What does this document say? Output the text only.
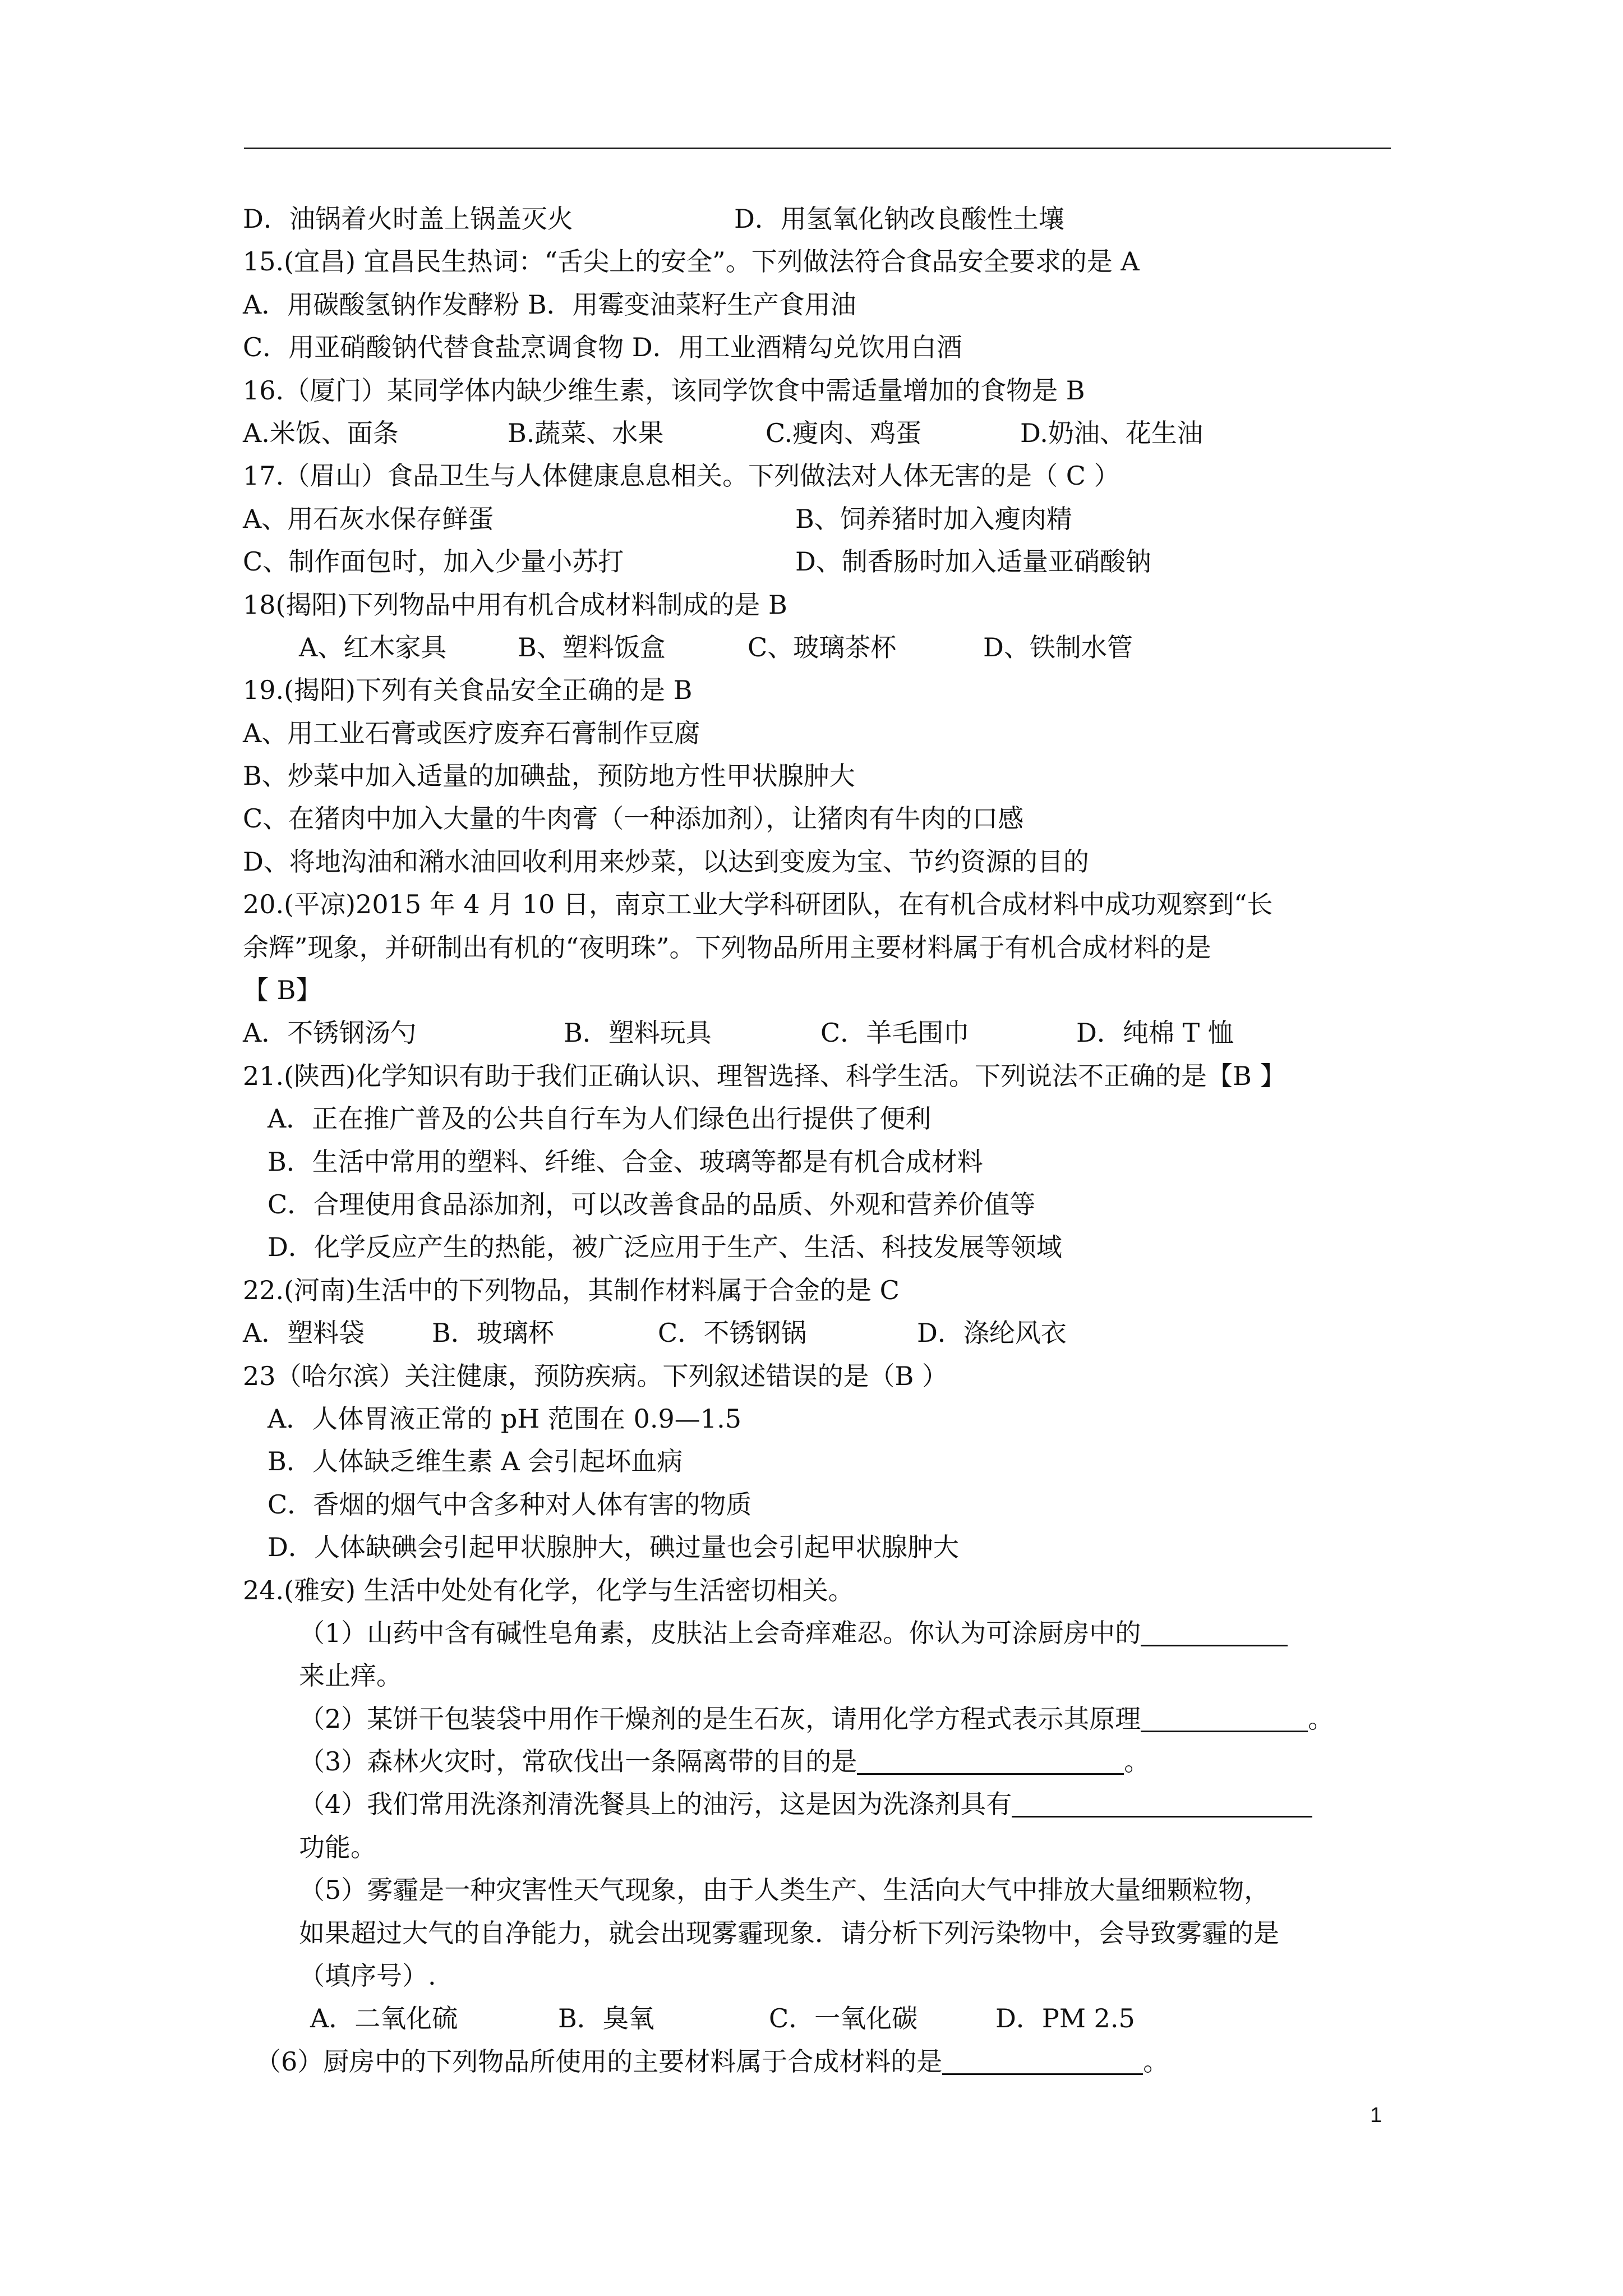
D．油锅着火时盖上锅盖灭火	D．用氢氧化钠改良酸性土壤
15.(宜昌) 宜昌民生热词：“舌尖上的安全”。下列做法符合食品安全要求的是 A
A．用碳酸氢钠作发酵粉 B．用霉变油菜籽生产食用油
C．用亚硝酸钠代替食盐烹调食物 D．用工业酒精勾兑饮用白酒
16.（厦门）某同学体内缺少维生素，该同学饮食中需适量增加的食物是 B
A.米饭、面条	B.蔬菜、水果	C.瘦肉、鸡蛋	D.奶油、花生油
17.（眉山）食品卫生与人体健康息息相关。下列做法对人体无害的是（ C ）
A、用石灰水保存鲜蛋	B、饲养猪时加入瘦肉精
C、制作面包时，加入少量小苏打	D、制香肠时加入适量亚硝酸钠
18(揭阳)下列物品中用有机合成材料制成的是 B
A、红木家具	B、塑料饭盒	C、玻璃茶杯	D、铁制水管
19.(揭阳)下列有关食品安全正确的是 B
A、用工业石膏或医疗废弃石膏制作豆腐
B、炒菜中加入适量的加碘盐，预防地方性甲状腺肿大
C、在猪肉中加入大量的牛肉膏（一种添加剂），让猪肉有牛肉的口感
D、将地沟油和潲水油回收利用来炒菜，以达到变废为宝、节约资源的目的
20.(平凉)2015 年 4 月 10 日，南京工业大学科研团队，在有机合成材料中成功观察到“长
余辉”现象，并研制出有机的“夜明珠”。下列物品所用主要材料属于有机合成材料的是
【 B】
A．不锈钢汤勺	B．塑料玩具	C．羊毛围巾	D．纯棉 T 恤
21.(陕西)化学知识有助于我们正确认识、理智选择、科学生活。下列说法不正确的是【B 】
A．正在推广普及的公共自行车为人们绿色出行提供了便利
B．生活中常用的塑料、纤维、合金、玻璃等都是有机合成材料
C．合理使用食品添加剂，可以改善食品的品质、外观和营养价值等
D．化学反应产生的热能，被广泛应用于生产、生活、科技发展等领域
22.(河南)生活中的下列物品，其制作材料属于合金的是 C
A．塑料袋	B．玻璃杯	C．不锈钢锅	D．涤纶风衣
23（哈尔滨）关注健康，预防疾病。下列叙述错误的是（B ）
A．人体胃液正常的 pH 范围在 0.9—1.5
B．人体缺乏维生素 A 会引起坏血病
C．香烟的烟气中含多种对人体有害的物质
D．人体缺碘会引起甲状腺肿大，碘过量也会引起甲状腺肿大
24.(雅安) 生活中处处有化学，化学与生活密切相关。
（1）山药中含有碱性皂角素，皮肤沾上会奇痒难忍。你认为可涂厨房中的
来止痒。
（2）某饼干包装袋中用作干燥剂的是生石灰，请用化学方程式表示其原理	。
（3）森林火灾时，常砍伐出一条隔离带的目的是	。
（4）我们常用洗涤剂清洗餐具上的油污，这是因为洗涤剂具有
功能。
（5）雾霾是一种灾害性天气现象，由于人类生产、生活向大气中排放大量细颗粒物，
如果超过大气的自净能力，就会出现雾霾现象．请分析下列污染物中，会导致雾霾的是
（填序号）.
A．二氧化硫	B．臭氧	C．一氧化碳	D．PM 2.5
（6）厨房中的下列物品所使用的主要材料属于合成材料的是	。
1
